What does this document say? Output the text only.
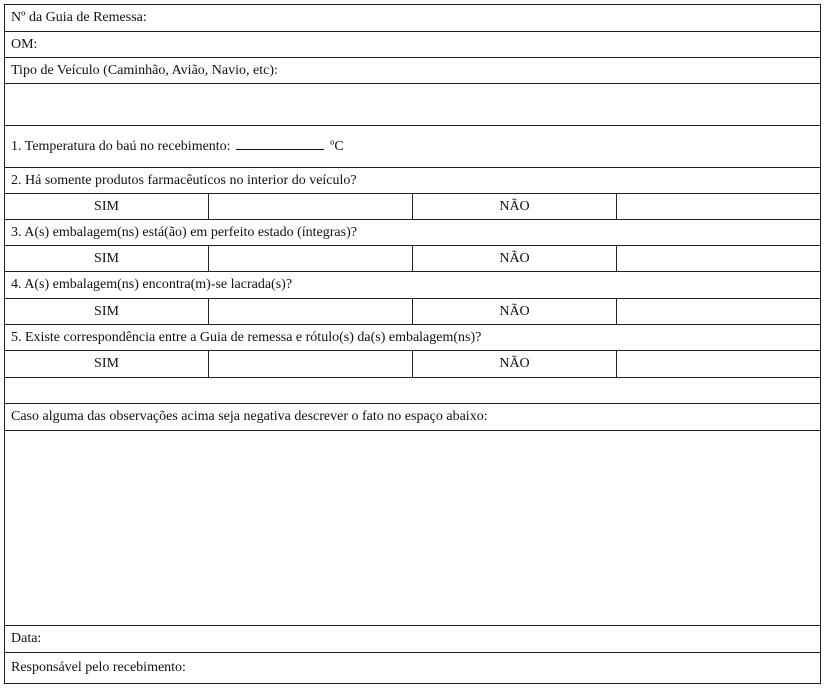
Nº da Guia de Remessa:			
OM:			
Tipo de Veículo (Caminhão, Avião, Navio, etc):			

1. Temperatura do baú no recebimento: ºC			
2. Há somente produtos farmacêuticos no interior do veículo?			
SIM		NÃO	
3. A(s) embalagem(ns) está(ão) em perfeito estado (íntegras)?			
SIM		NÃO	
4. A(s) embalagem(ns) encontra(m)-se lacrada(s)?			
SIM		NÃO	
5. Existe correspondência entre a Guia de remessa e rótulo(s) da(s) embalagem(ns)?			
SIM		NÃO	

Caso alguma das observações acima seja negativa descrever o fato no espaço abaixo:			

Data:			
Responsável pelo recebimento:			
